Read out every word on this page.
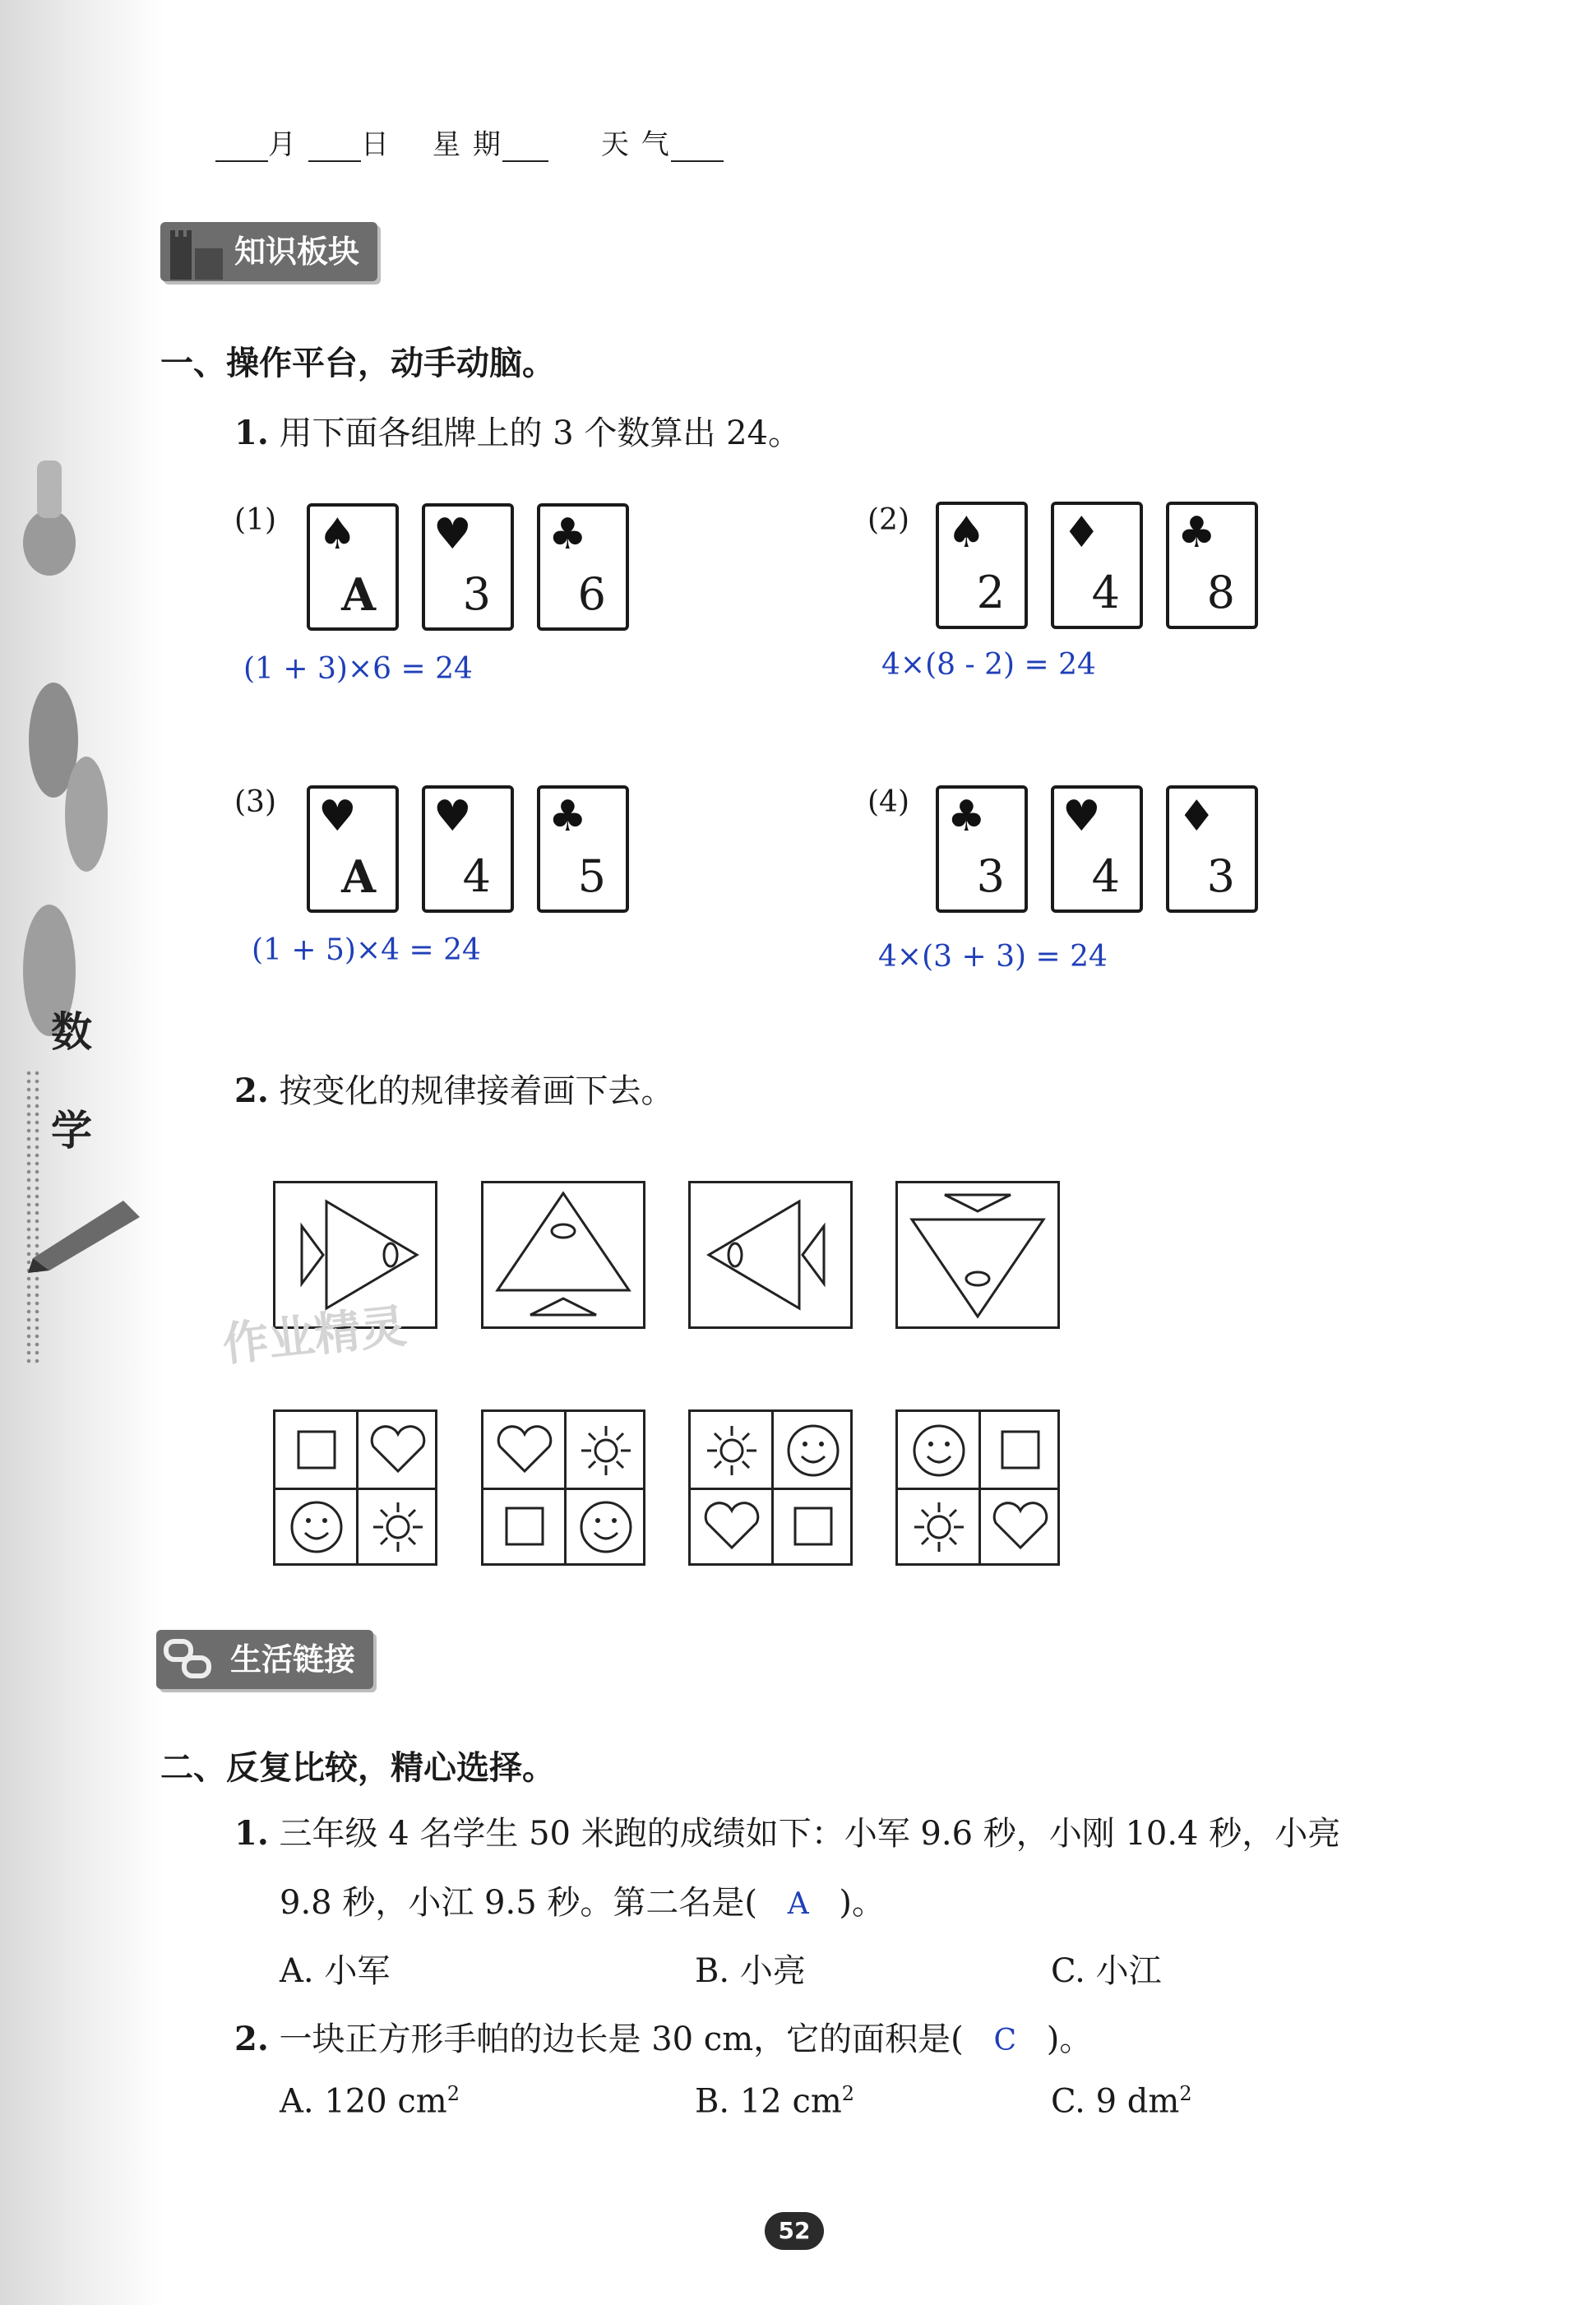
数
学
月 日 星 期	天 气
知识板块
一、操作平台，动手动脑。
1. 用下面各组牌上的 3 个数算出 24。
(1) ♠
A
♥
3
♣
6
(1 + 3)×6 = 24
(2) ♠
2
♦
4
♣
8
4×(8 - 2) = 24
(3) ♥
A
♥
4
♣
5
(1 + 5)×4 = 24
(4) ♣
3
♥
4
♦
3
4×(3 + 3) = 24
2. 按变化的规律接着画下去。
作业精灵
生活链接
二、反复比较，精心选择。
1. 三年级 4 名学生 50 米跑的成绩如下：小军 9.6 秒，小刚 10.4 秒，小亮
9.8 秒，小江 9.5 秒。第二名是( A )。
A. 小军	B. 小亮	C. 小江
2. 一块正方形手帕的边长是 30 cm，它的面积是( C )。
A. 120 $cm^2$	B. 12 $cm^2$	C. 9 $dm^2$
52
